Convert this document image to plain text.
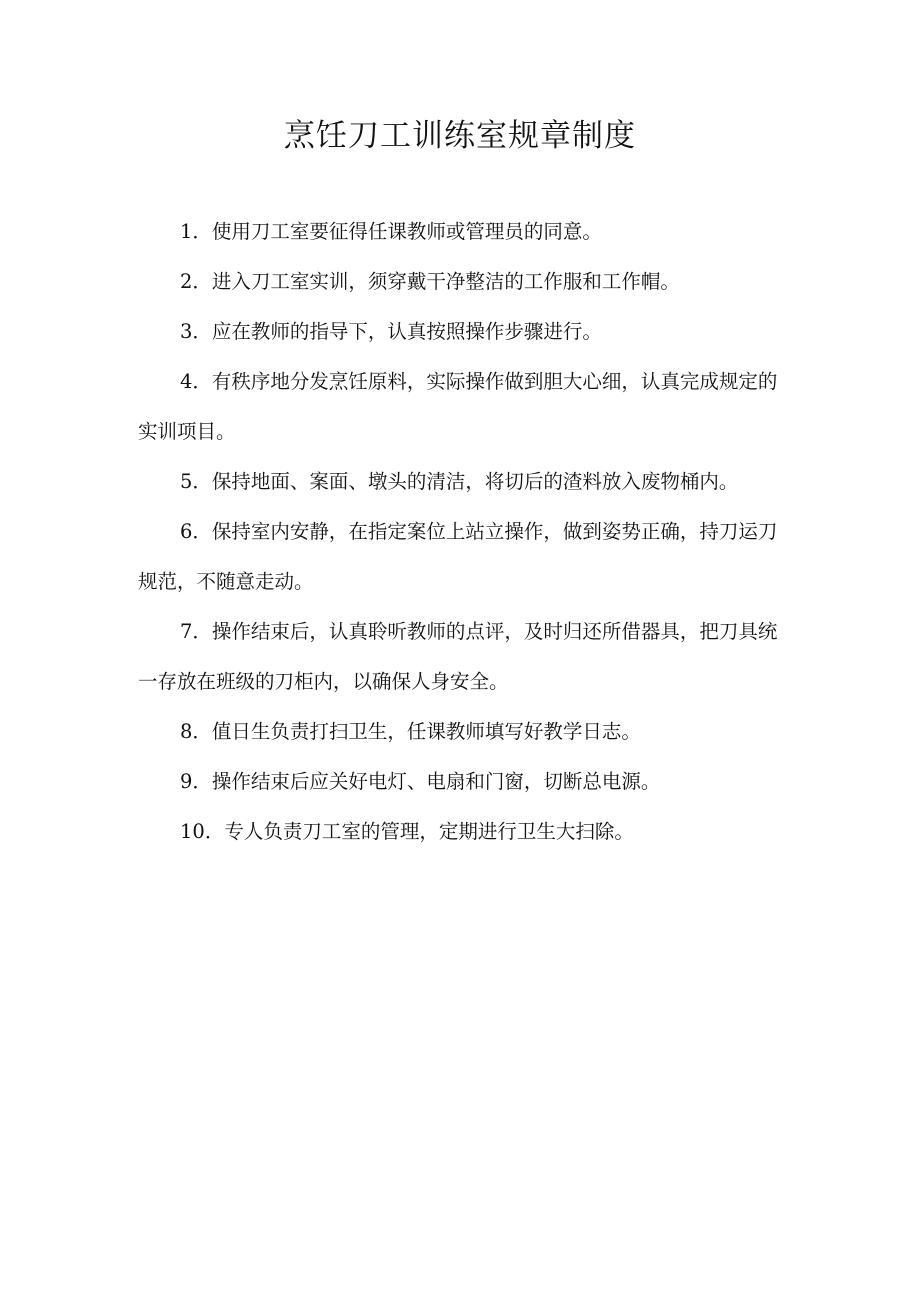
烹饪刀工训练室规章制度
1．使用刀工室要征得任课教师或管理员的同意。
2．进入刀工室实训，须穿戴干净整洁的工作服和工作帽。
3．应在教师的指导下，认真按照操作步骤进行。
4．有秩序地分发烹饪原料，实际操作做到胆大心细，认真完成规定的实训项目。
5．保持地面、案面、墩头的清洁，将切后的渣料放入废物桶内。
6．保持室内安静，在指定案位上站立操作，做到姿势正确，持刀运刀规范，不随意走动。
7．操作结束后，认真聆听教师的点评，及时归还所借器具，把刀具统一存放在班级的刀柜内，以确保人身安全。
8．值日生负责打扫卫生，任课教师填写好教学日志。
9．操作结束后应关好电灯、电扇和门窗，切断总电源。
10．专人负责刀工室的管理，定期进行卫生大扫除。
